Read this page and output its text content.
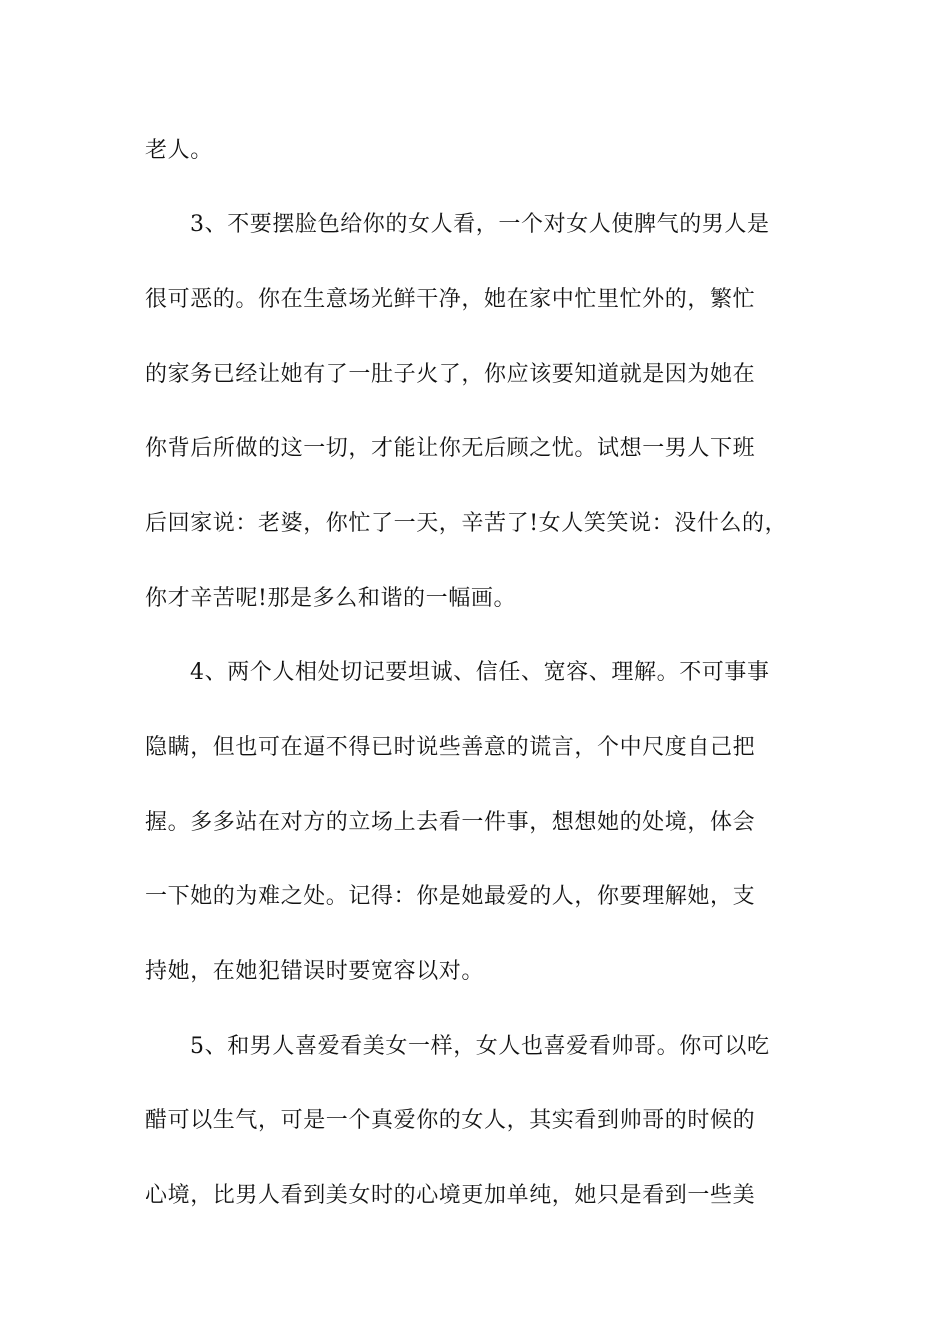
老人。
3、不要摆脸色给你的女人看，一个对女人使脾气的男人是
很可恶的。你在生意场光鲜干净，她在家中忙里忙外的，繁忙
的家务已经让她有了一肚子火了，你应该要知道就是因为她在
你背后所做的这一切，才能让你无后顾之忧。试想一男人下班
后回家说：老婆，你忙了一天，辛苦了!女人笑笑说：没什么的，
你才辛苦呢!那是多么和谐的一幅画。
4、两个人相处切记要坦诚、信任、宽容、理解。不可事事
隐瞒，但也可在逼不得已时说些善意的谎言，个中尺度自己把
握。多多站在对方的立场上去看一件事，想想她的处境，体会
一下她的为难之处。记得：你是她最爱的人，你要理解她，支
持她，在她犯错误时要宽容以对。
5、和男人喜爱看美女一样，女人也喜爱看帅哥。你可以吃
醋可以生气，可是一个真爱你的女人，其实看到帅哥的时候的
心境，比男人看到美女时的心境更加单纯，她只是看到一些美
